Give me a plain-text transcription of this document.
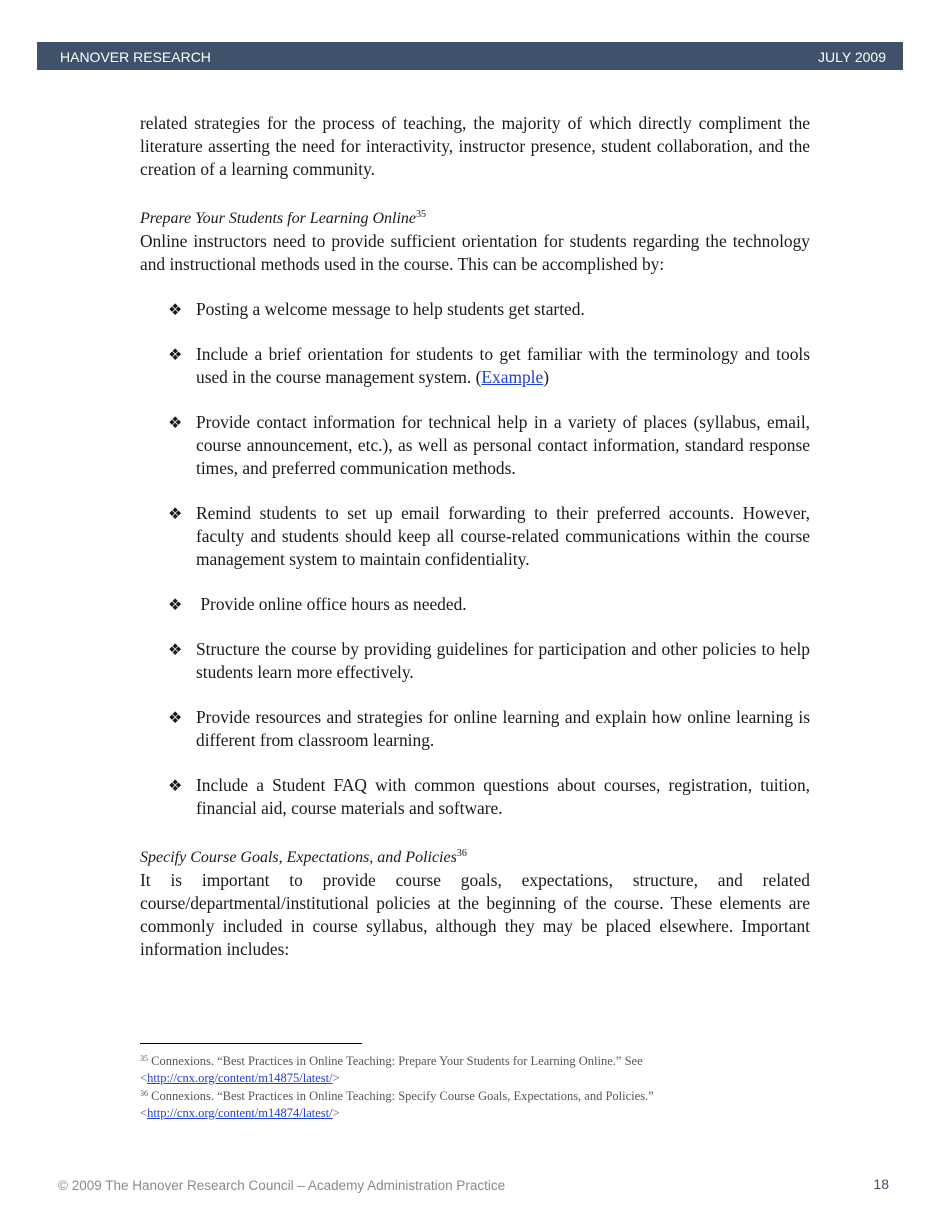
HANOVER RESEARCH	JULY 2009

related strategies for the process of teaching, the majority of which directly compliment the literature asserting the need for interactivity, instructor presence, student collaboration, and the creation of a learning community.

Prepare Your Students for Learning Online$^{35}$

Online instructors need to provide sufficient orientation for students regarding the technology and instructional methods used in the course. This can be accomplished by:

❖ Posting a welcome message to help students get started.
❖ Include a brief orientation for students to get familiar with the terminology and tools used in the course management system. (Example)
❖ Provide contact information for technical help in a variety of places (syllabus, email, course announcement, etc.), as well as personal contact information, standard response times, and preferred communication methods.
❖ Remind students to set up email forwarding to their preferred accounts. However, faculty and students should keep all course-related communications within the course management system to maintain confidentiality.
❖ Provide online office hours as needed.
❖ Structure the course by providing guidelines for participation and other policies to help students learn more effectively.
❖ Provide resources and strategies for online learning and explain how online learning is different from classroom learning.
❖ Include a Student FAQ with common questions about courses, registration, tuition, financial aid, course materials and software.

Specify Course Goals, Expectations, and Policies$^{36}$

It is important to provide course goals, expectations, structure, and related course/departmental/institutional policies at the beginning of the course. These elements are commonly included in course syllabus, although they may be placed elsewhere. Important information includes:

$^{35}$ Connexions. “Best Practices in Online Teaching: Prepare Your Students for Learning Online.” See

<http://cnx.org/content/m14875/latest/>

$^{36}$ Connexions. “Best Practices in Online Teaching: Specify Course Goals, Expectations, and Policies.”

<http://cnx.org/content/m14874/latest/>

© 2009 The Hanover Research Council – Academy Administration Practice	18
